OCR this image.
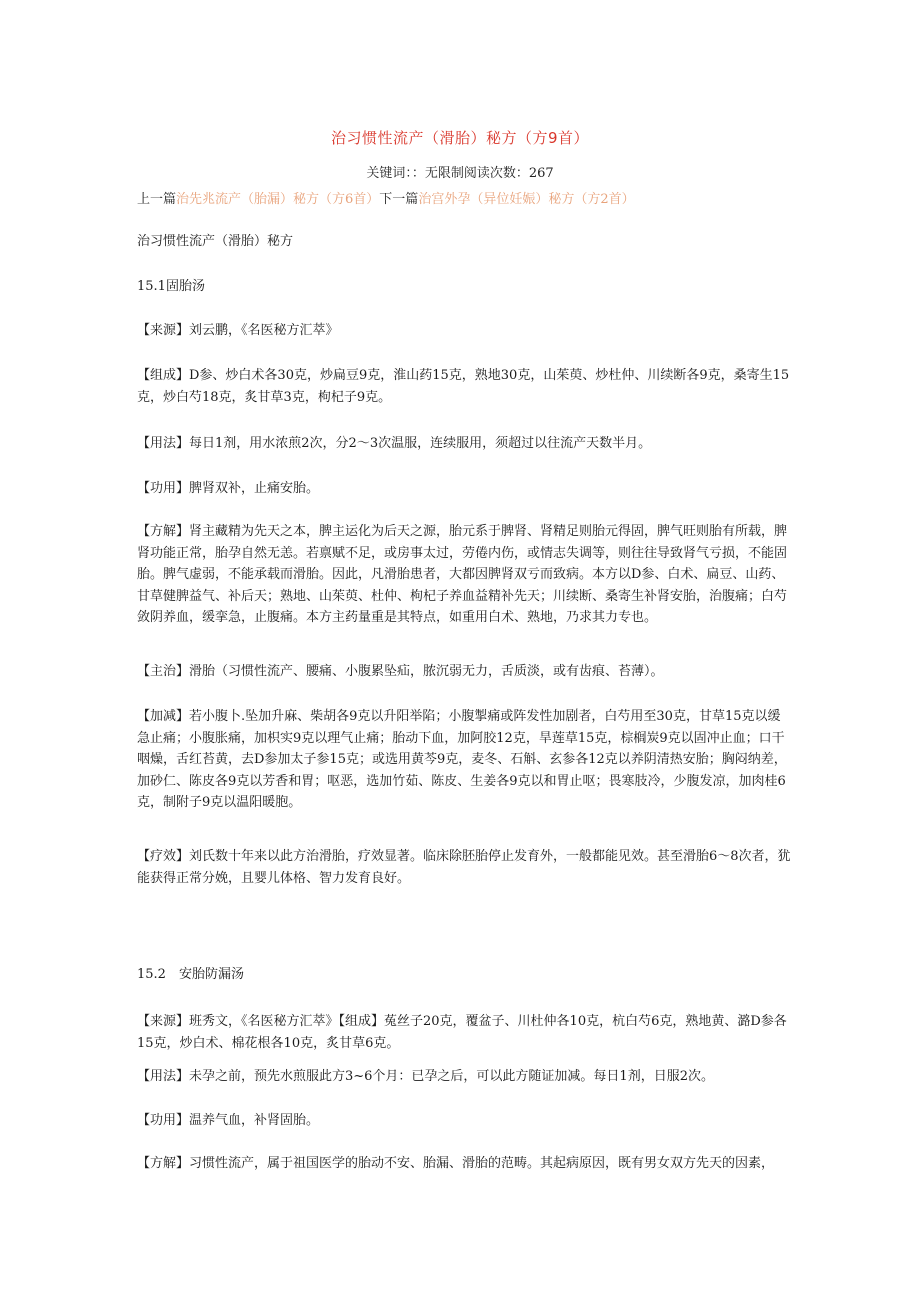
治习惯性流产（滑胎）秘方（方9首）
关键词：：无限制阅读次数：267
上一篇治先兆流产（胎漏）秘方（方6首）下一篇治宫外孕（异位妊娠）秘方（方2首）
治习惯性流产（滑胎）秘方
15.1固胎汤
【来源】刘云鹏，《名医秘方汇萃》
【组成】D参、炒白术各30克，炒扁豆9克，淮山药15克，熟地30克，山茱萸、炒杜仲、川续断各9克，桑寄生15克，炒白芍18克，炙甘草3克，枸杞子9克。
【用法】每日1剂，用水浓煎2次，分2～3次温服，连续服用，须超过以往流产天数半月。
【功用】脾肾双补，止痛安胎。
【方解】肾主藏精为先天之本，脾主运化为后天之源，胎元系于脾肾、肾精足则胎元得固，脾气旺则胎有所载，脾肾功能正常，胎孕自然无恙。若禀赋不足，或房事太过，劳倦内伤，或情志失调等，则往往导致肾气亏损，不能固胎。脾气虚弱，不能承载而滑胎。因此，凡滑胎患者，大都因脾肾双亏而致病。本方以D参、白术、扁豆、山药、甘草健脾益气、补后天；熟地、山茱萸、杜仲、枸杞子养血益精补先天；川续断、桑寄生补肾安胎，治腹痛；白芍敛阴养血，缓挛急，止腹痛。本方主药量重是其特点，如重用白术、熟地，乃求其力专也。
【主治】滑胎（习惯性流产、腰痛、小腹累坠疝，脓沉弱无力，舌质淡，或有齿痕、苔薄）。
【加减】若小腹卜.坠加升麻、柴胡各9克以升阳举陷；小腹掣痛或阵发性加剧者，白芍用至30克，甘草15克以缓急止痛；小腹胀痛，加枳实9克以理气止痛；胎动下血，加阿胶12克，旱莲草15克，棕榈炭9克以固冲止血；口干咽燥，舌红苔黄，去D参加太子参15克；或选用黄芩9克，麦冬、石斛、玄参各12克以养阴清热安胎；胸闷纳差，加砂仁、陈皮各9克以芳香和胃；呕恶，选加竹茹、陈皮、生姜各9克以和胃止呕；畏寒肢冷，少腹发凉，加肉桂6克，制附子9克以温阳暖胞。
【疗效】刘氏数十年来以此方治滑胎，疗效显著。临床除胚胎停止发育外，一般都能见效。甚至滑胎6～8次者，犹能获得正常分娩，且婴儿体格、智力发育良好。
15.2　安胎防漏汤
【来源】班秀文，《名医秘方汇萃》【组成】菟丝子20克，覆盆子、川杜仲各10克，杭白芍6克，熟地黄、潞D参各15克，炒白术、棉花根各10克，炙甘草6克。
【用法】未孕之前，预先水煎服此方3~6个月：已孕之后，可以此方随证加减。每日1剂，日服2次。
【功用】温养气血，补肾固胎。
【方解】习惯性流产，属于祖国医学的胎动不安、胎漏、滑胎的范畴。其起病原因，既有男女双方先天的因素，
